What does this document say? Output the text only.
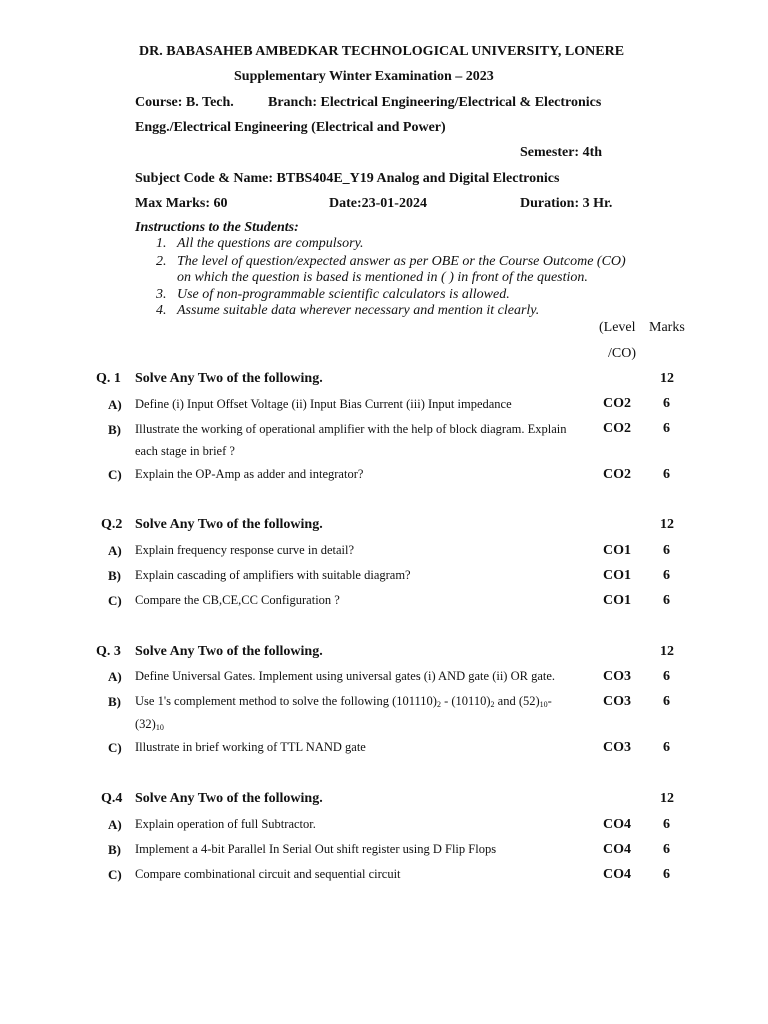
DR. BABASAHEB AMBEDKAR TECHNOLOGICAL UNIVERSITY, LONERE
Supplementary Winter Examination – 2023
Course: B. Tech. Branch: Electrical Engineering/Electrical & Electronics
Engg./Electrical Engineering (Electrical and Power)
Semester: 4th
Subject Code & Name: BTBS404E_Y19 Analog and Digital Electronics
Max Marks: 60	Date:23-01-2024	Duration: 3 Hr.
Instructions to the Students:
1. All the questions are compulsory.
2. The level of question/expected answer as per OBE or the Course Outcome (CO)
on which the question is based is mentioned in ( ) in front of the question.
3. Use of non-programmable scientific calculators is allowed.
4. Assume suitable data wherever necessary and mention it clearly.
(Level
/CO)
Marks
Q. 1 Solve Any Two of the following.	12
A) Define (i) Input Offset Voltage (ii) Input Bias Current (iii) Input impedance	CO2 6
B) Illustrate the working of operational amplifier with the help of block diagram. Explain
each stage in brief ?
CO2 6
C) Explain the OP-Amp as adder and integrator?	CO2 6
Q.2 Solve Any Two of the following.	12
A) Explain frequency response curve in detail?	CO1 6
B) Explain cascading of amplifiers with suitable diagram?	CO1 6
C) Compare the CB,CE,CC Configuration ?	CO1 6
Q. 3 Solve Any Two of the following.	12
A) Define Universal Gates. Implement using universal gates (i) AND gate (ii) OR gate.	CO3 6
B) Use 1's complement method to solve the following $(101110)_2 - (10110)_2$ and $(52)_{10}-$
$(32)_{10}$
CO3 6
C) Illustrate in brief working of TTL NAND gate	CO3 6
Q.4 Solve Any Two of the following.	12
A) Explain operation of full Subtractor.	CO4 6
B) Implement a 4-bit Parallel In Serial Out shift register using D Flip Flops	CO4 6
C) Compare combinational circuit and sequential circuit	CO4 6
